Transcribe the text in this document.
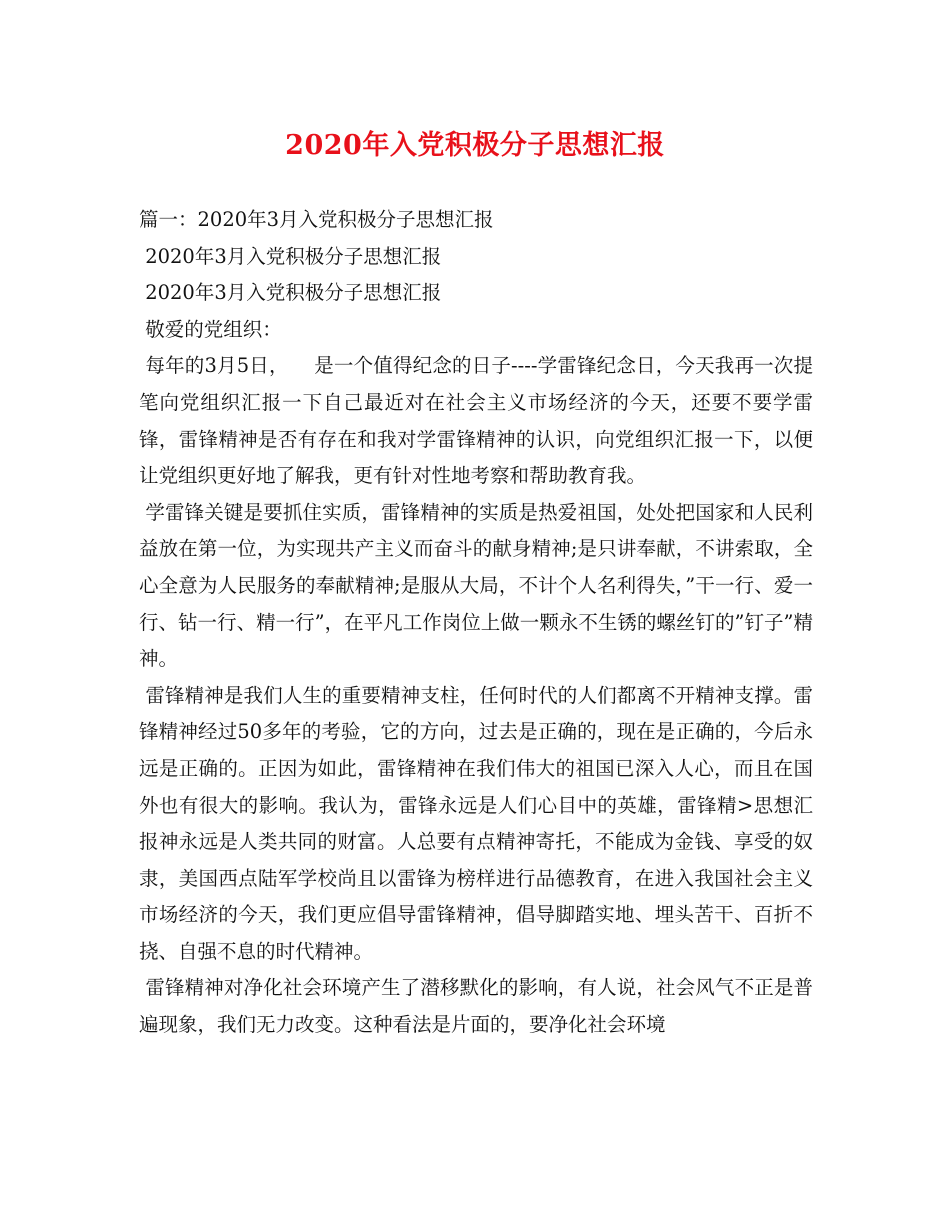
2020年入党积极分子思想汇报

篇一：2020年3月入党积极分子思想汇报

2020年3月入党积极分子思想汇报

2020年3月入党积极分子思想汇报

敬爱的党组织：

每年的3月5日，    是一个值得纪念的日子----学雷锋纪念日，今天我再一次提笔向党组织汇报一下自己最近对在社会主义市场经济的今天，还要不要学雷锋，雷锋精神是否有存在和我对学雷锋精神的认识，向党组织汇报一下，以便让党组织更好地了解我，更有针对性地考察和帮助教育我。

学雷锋关键是要抓住实质，雷锋精神的实质是热爱祖国，处处把国家和人民利益放在第一位，为实现共产主义而奋斗的献身精神;是只讲奉献，不讲索取，全心全意为人民服务的奉献精神;是服从大局，不计个人名利得失，”干一行、爱一行、钻一行、精一行”，在平凡工作岗位上做一颗永不生锈的螺丝钉的”钉子”精神。

雷锋精神是我们人生的重要精神支柱，任何时代的人们都离不开精神支撑。雷锋精神经过50多年的考验，它的方向，过去是正确的，现在是正确的，今后永远是正确的。正因为如此，雷锋精神在我们伟大的祖国已深入人心，而且在国外也有很大的影响。我认为，雷锋永远是人们心目中的英雄，雷锋精>思想汇报神永远是人类共同的财富。人总要有点精神寄托，不能成为金钱、享受的奴隶，美国西点陆军学校尚且以雷锋为榜样进行品德教育，在进入我国社会主义市场经济的今天，我们更应倡导雷锋精神，倡导脚踏实地、埋头苦干、百折不挠、自强不息的时代精神。

雷锋精神对净化社会环境产生了潜移默化的影响，有人说，社会风气不正是普遍现象，我们无力改变。这种看法是片面的，要净化社会环境
